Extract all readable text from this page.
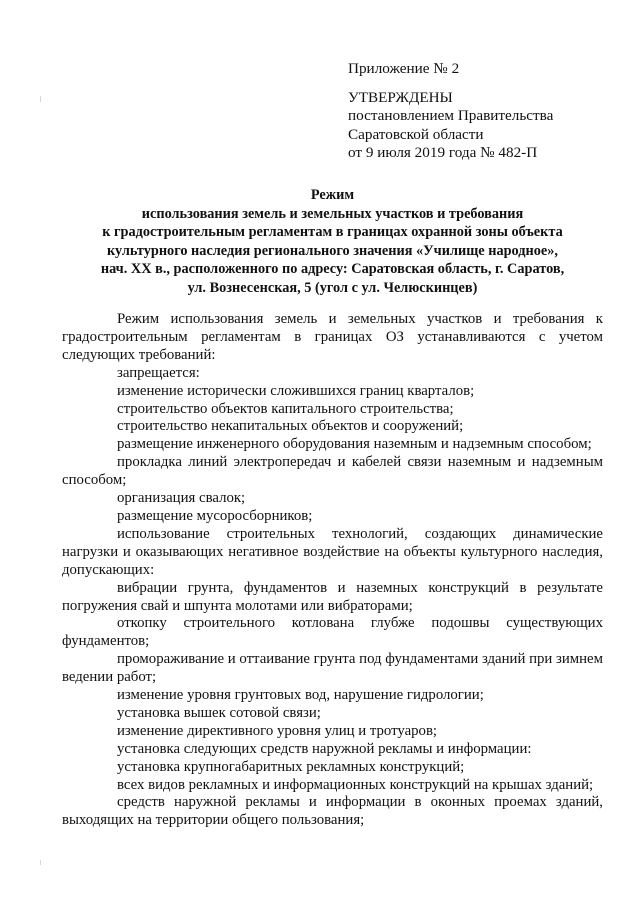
Приложение № 2
УТВЕРЖДЕНЫ
постановлением Правительства
Саратовской области
от 9 июля 2019 года № 482-П
Режим
использования земель и земельных участков и требования
к градостроительным регламентам в границах охранной зоны объекта
культурного наследия регионального значения «Училище народное»,
нач. XX в., расположенного по адресу: Саратовская область, г. Саратов,
ул. Вознесенская, 5 (угол с ул. Челюскинцев)

Режим использования земель и земельных участков и требования к градостроительным регламентам в границах ОЗ устанавливаются с учетом следующих требований:

запрещается:

изменение исторически сложившихся границ кварталов;

строительство объектов капитального строительства;

строительство некапитальных объектов и сооружений;

размещение инженерного оборудования наземным и надземным способом;

прокладка линий электропередач и кабелей связи наземным и надземным способом;

организация свалок;

размещение мусоросборников;

использование строительных технологий, создающих динамические нагрузки и оказывающих негативное воздействие на объекты культурного наследия, допускающих:

вибрации грунта, фундаментов и наземных конструкций в результате погружения свай и шпунта молотами или вибраторами;

откопку строительного котлована глубже подошвы существующих фундаментов;

промораживание и оттаивание грунта под фундаментами зданий при зимнем ведении работ;

изменение уровня грунтовых вод, нарушение гидрологии;

установка вышек сотовой связи;

изменение директивного уровня улиц и тротуаров;

установка следующих средств наружной рекламы и информации:

установка крупногабаритных рекламных конструкций;

всех видов рекламных и информационных конструкций на крышах зданий;

средств наружной рекламы и информации в оконных проемах зданий, выходящих на территории общего пользования;
